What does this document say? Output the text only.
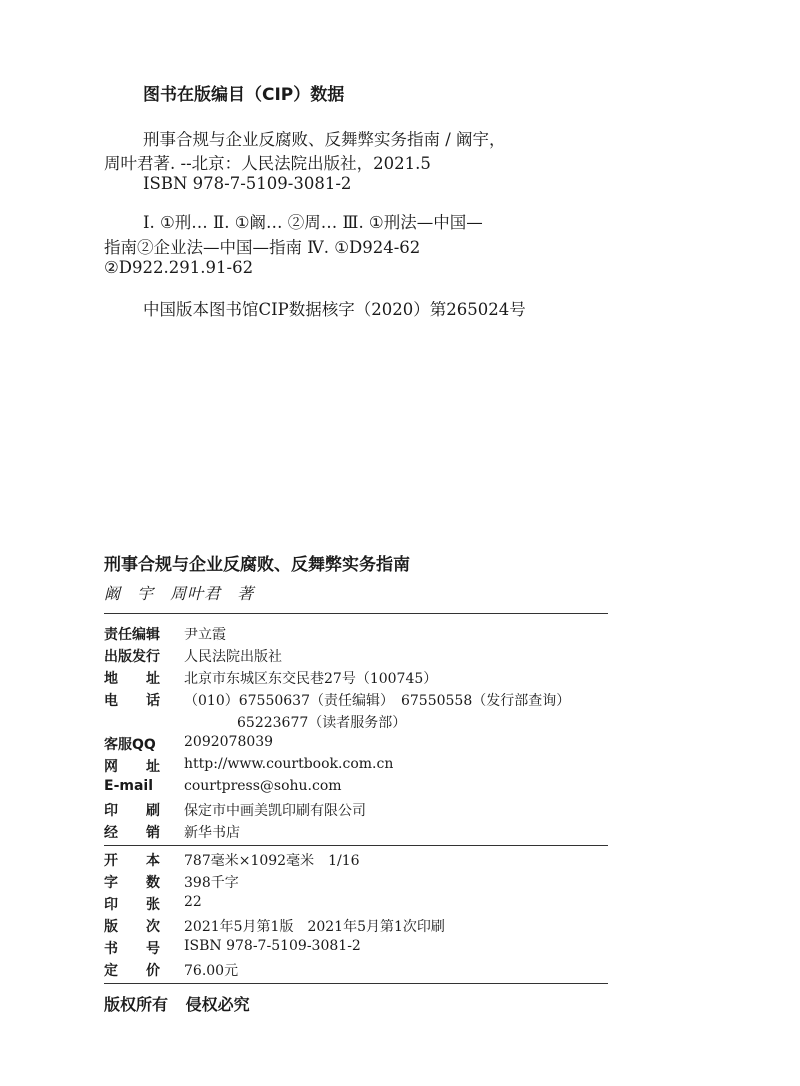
图书在版编目（CIP）数据
刑事合规与企业反腐败、反舞弊实务指南 / 阚宇，
周叶君著. --北京：人民法院出版社，2021.5
ISBN 978-7-5109-3081-2
Ⅰ. ①刑… Ⅱ. ①阚… ②周… Ⅲ. ①刑法—中国—
指南②企业法—中国—指南 Ⅳ. ①D924-62
②D922.291.91-62
中国版本图书馆CIP数据核字（2020）第265024号
刑事合规与企业反腐败、反舞弊实务指南
阚 宇 周叶君 著
责任编辑	尹立霞
出版发行	人民法院出版社
地　　址	北京市东城区东交民巷27号（100745）
电　　话	（010）67550637（责任编辑）　67550558（发行部查询）
65223677（读者服务部）
客服QQ	2092078039
网　　址	http://www.courtbook.com.cn
E-mail	courtpress@sohu.com
印　　刷	保定市中画美凯印刷有限公司
经　　销	新华书店
开　　本	787毫米×1092毫米　1/16
字　　数	398千字
印　　张	22
版　　次	2021年5月第1版　2021年5月第1次印刷
书　　号	ISBN 978-7-5109-3081-2
定　　价	76.00元
版权所有 侵权必究
